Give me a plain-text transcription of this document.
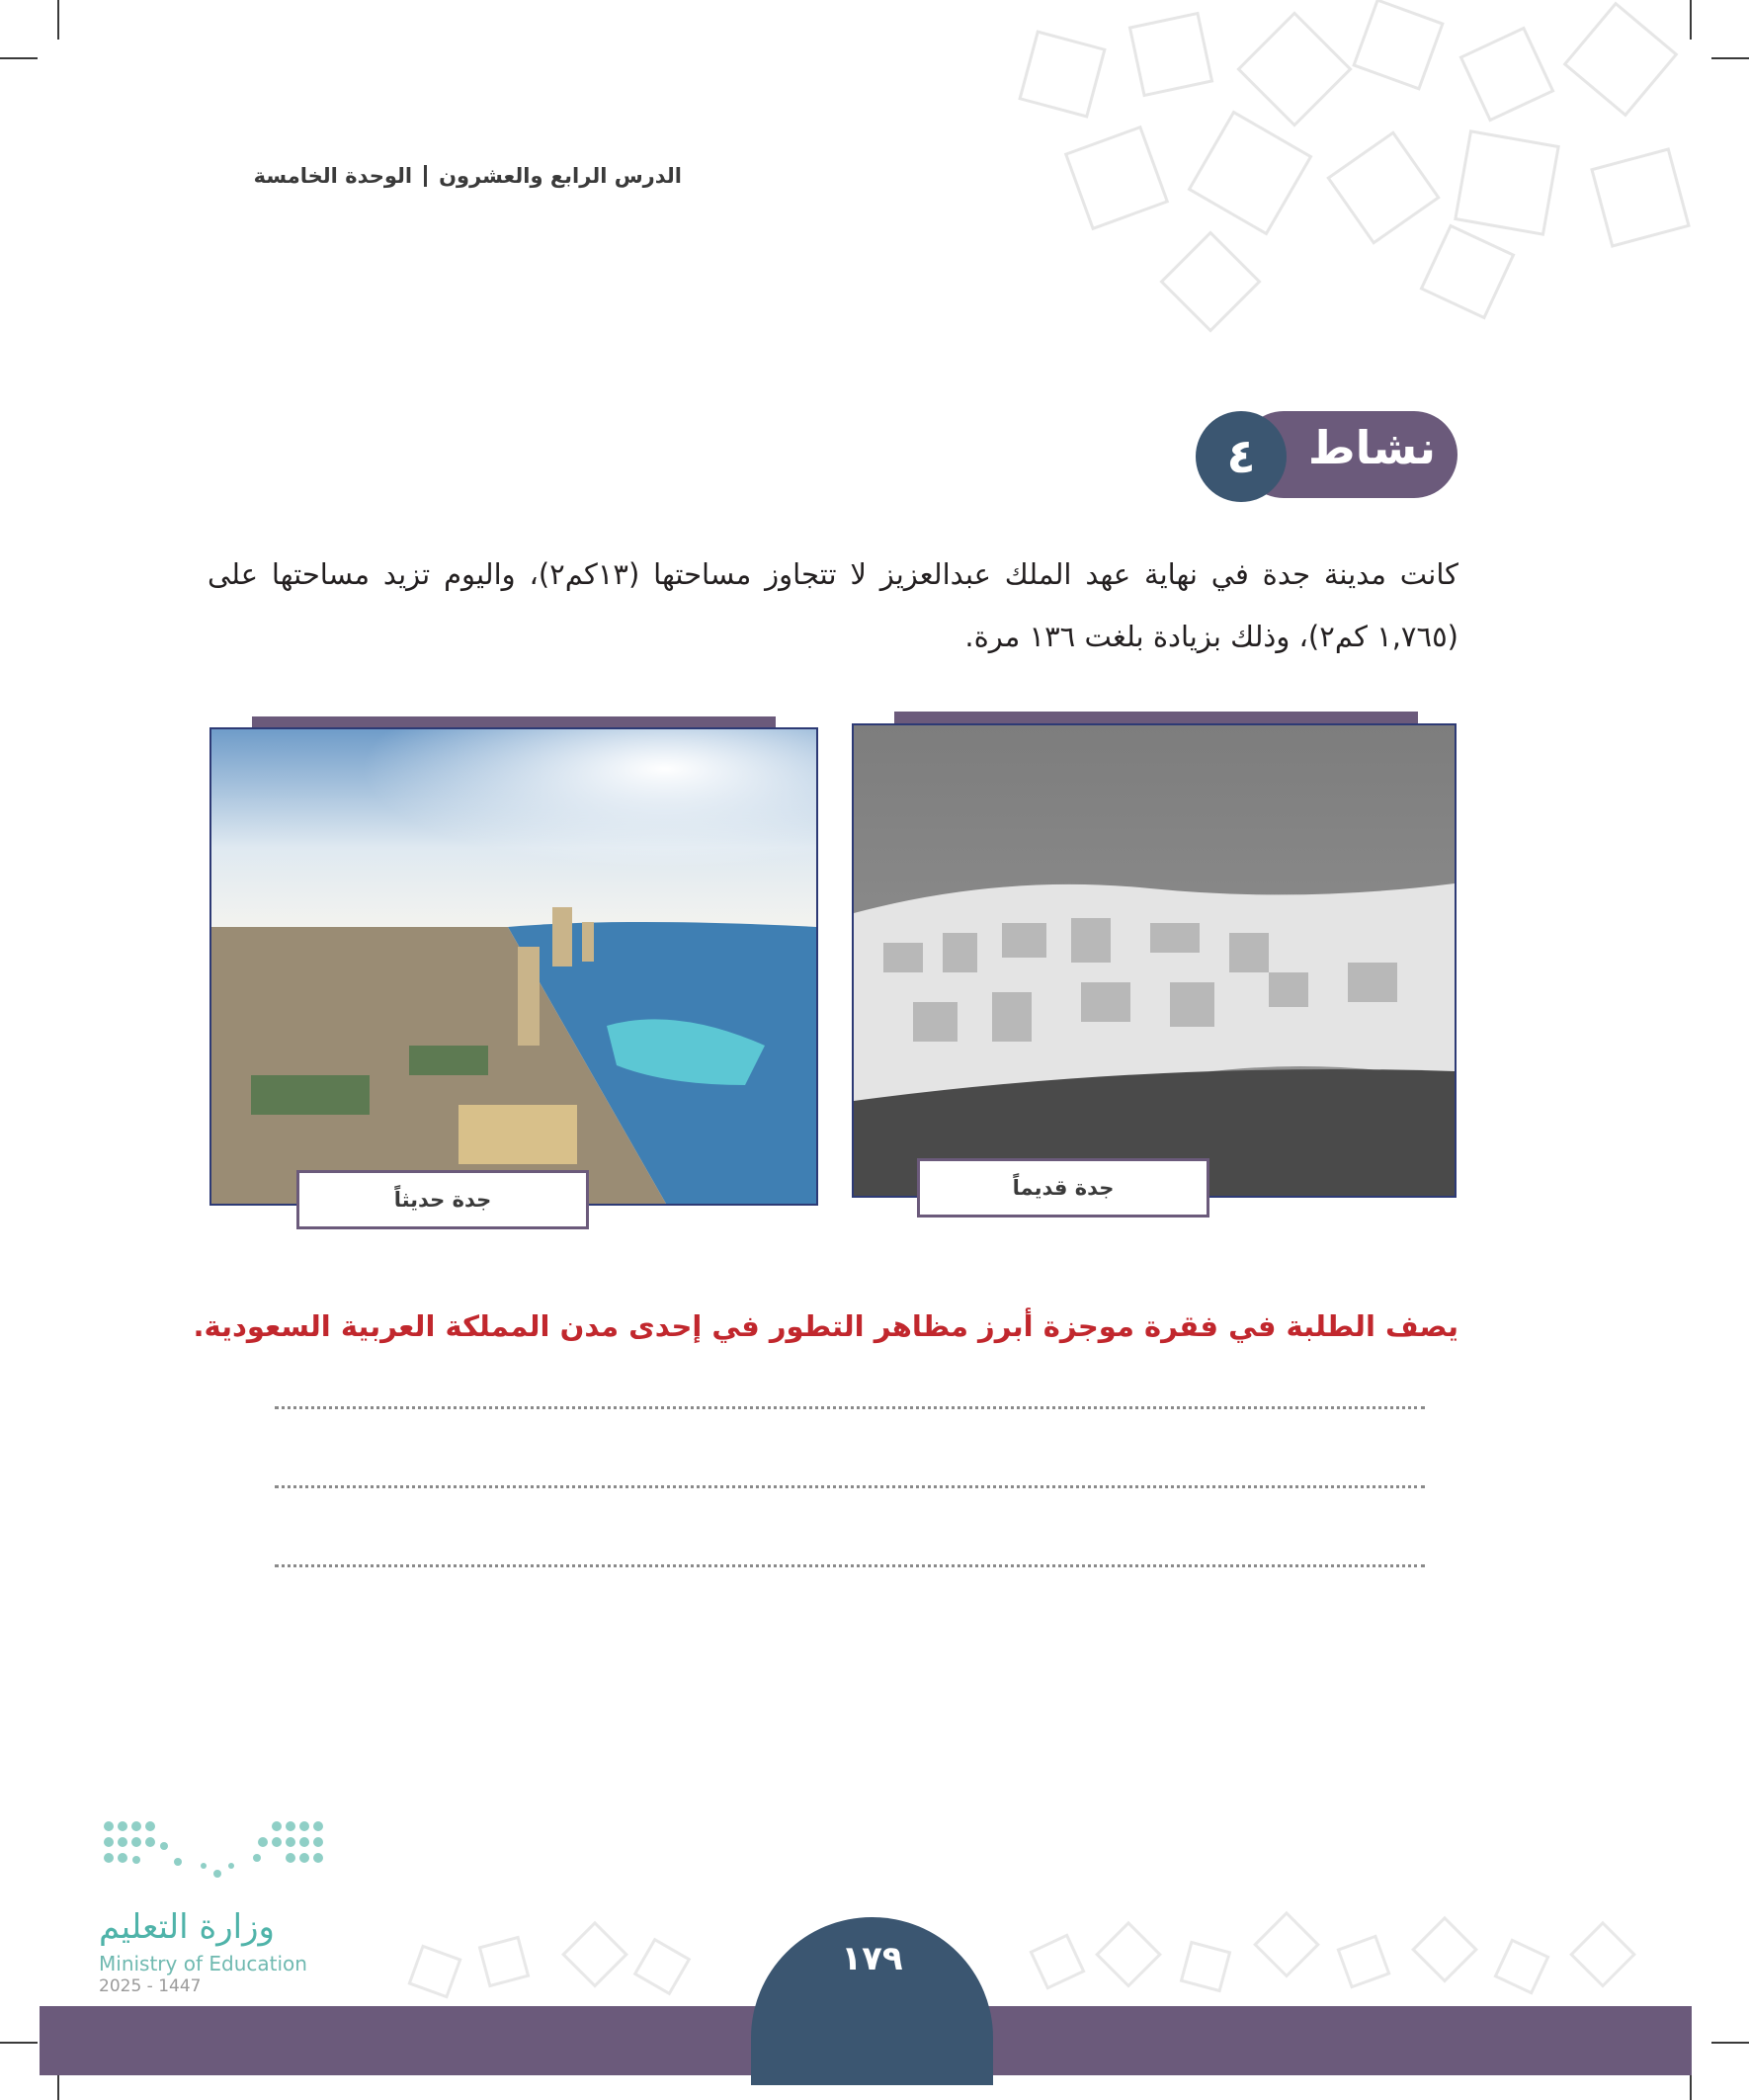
الدرس الرابع والعشرون
الوحدة الخامسة
نشاط
٤

كانت مدينة جدة في نهاية عهد الملك عبدالعزيز لا تتجاوز مساحتها (١٣كم٢)، واليوم تزيد مساحتها على (١,٧٦٥ كم٢)، وذلك بزيادة بلغت ١٣٦ مرة.

جدة قديماً
جدة حديثاً
يصف الطلبة في فقرة موجزة أبرز مظاهر التطور في إحدى مدن المملكة العربية السعودية.
وزارة التعليم
Ministry of Education
2025 - 1447
١٧٩
